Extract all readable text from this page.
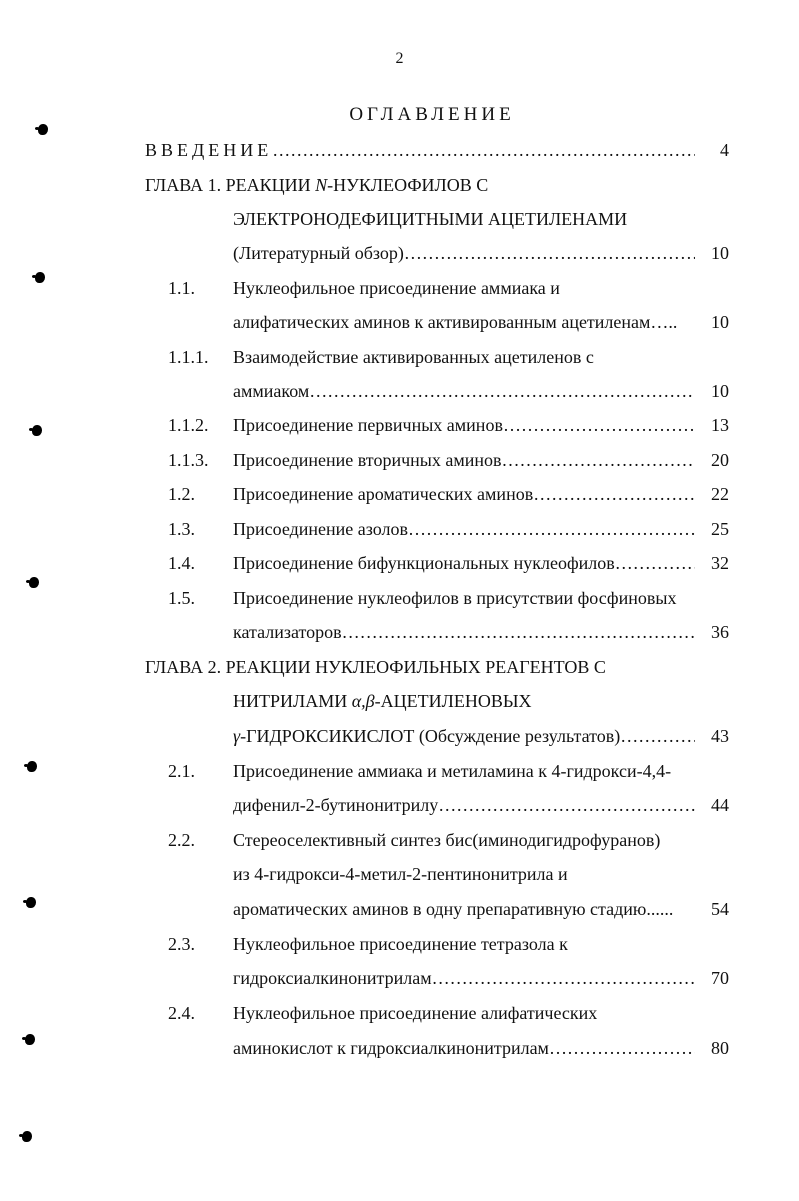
2
ОГЛАВЛЕНИЕ
ВВЕДЕНИЕ …………………………………………………………………………………………………………………………………………………	4
ГЛАВА 1. РЕАКЦИИ N-НУКЛЕОФИЛОВ С
ЭЛЕКТРОНОДЕФИЦИТНЫМИ АЦЕТИЛЕНАМИ
(Литературный обзор) …………………………………………………………………………………………………………………………………………………	10
1.1. Нуклеофильное присоединение аммиака и
алифатических аминов к активированным ацетиленам….. 10
1.1.1. Взаимодействие активированных ацетиленов с
аммиаком …………………………………………………………………………………………………………………………………………………	10
1.1.2. Присоединение первичных аминов …………………………………………………………………………………………………………………………………………………	13
1.1.3. Присоединение вторичных аминов …………………………………………………………………………………………………………………………………………………	20
1.2. Присоединение ароматических аминов …………………………………………………………………………………………………………………………………………………	22
1.3. Присоединение азолов …………………………………………………………………………………………………………………………………………………	25
1.4. Присоединение бифункциональных нуклеофилов …………………………………………………………………………………………………………………………………………………	32
1.5. Присоединение нуклеофилов в присутствии фосфиновых
катализаторов …………………………………………………………………………………………………………………………………………………	36
ГЛАВА 2. РЕАКЦИИ НУКЛЕОФИЛЬНЫХ РЕАГЕНТОВ С
НИТРИЛАМИ α,β-АЦЕТИЛЕНОВЫХ
γ-ГИДРОКСИКИСЛОТ (Обсуждение результатов) …………………………………………………………………………………………………………………………………………………	43
2.1. Присоединение аммиака и метиламина к 4-гидрокси-4,4-
дифенил-2-бутинонитрилу …………………………………………………………………………………………………………………………………………………	44
2.2. Стереоселективный синтез бис(иминодигидрофуранов)
из 4-гидрокси-4-метил-2-пентинонитрила и
ароматических аминов в одну препаративную стадию...... 54
2.3. Нуклеофильное присоединение тетразола к
гидроксиалкинонитрилам …………………………………………………………………………………………………………………………………………………	70
2.4. Нуклеофильное присоединение алифатических
аминокислот к гидроксиалкинонитрилам …………………………………………………………………………………………………………………………………………………	80
